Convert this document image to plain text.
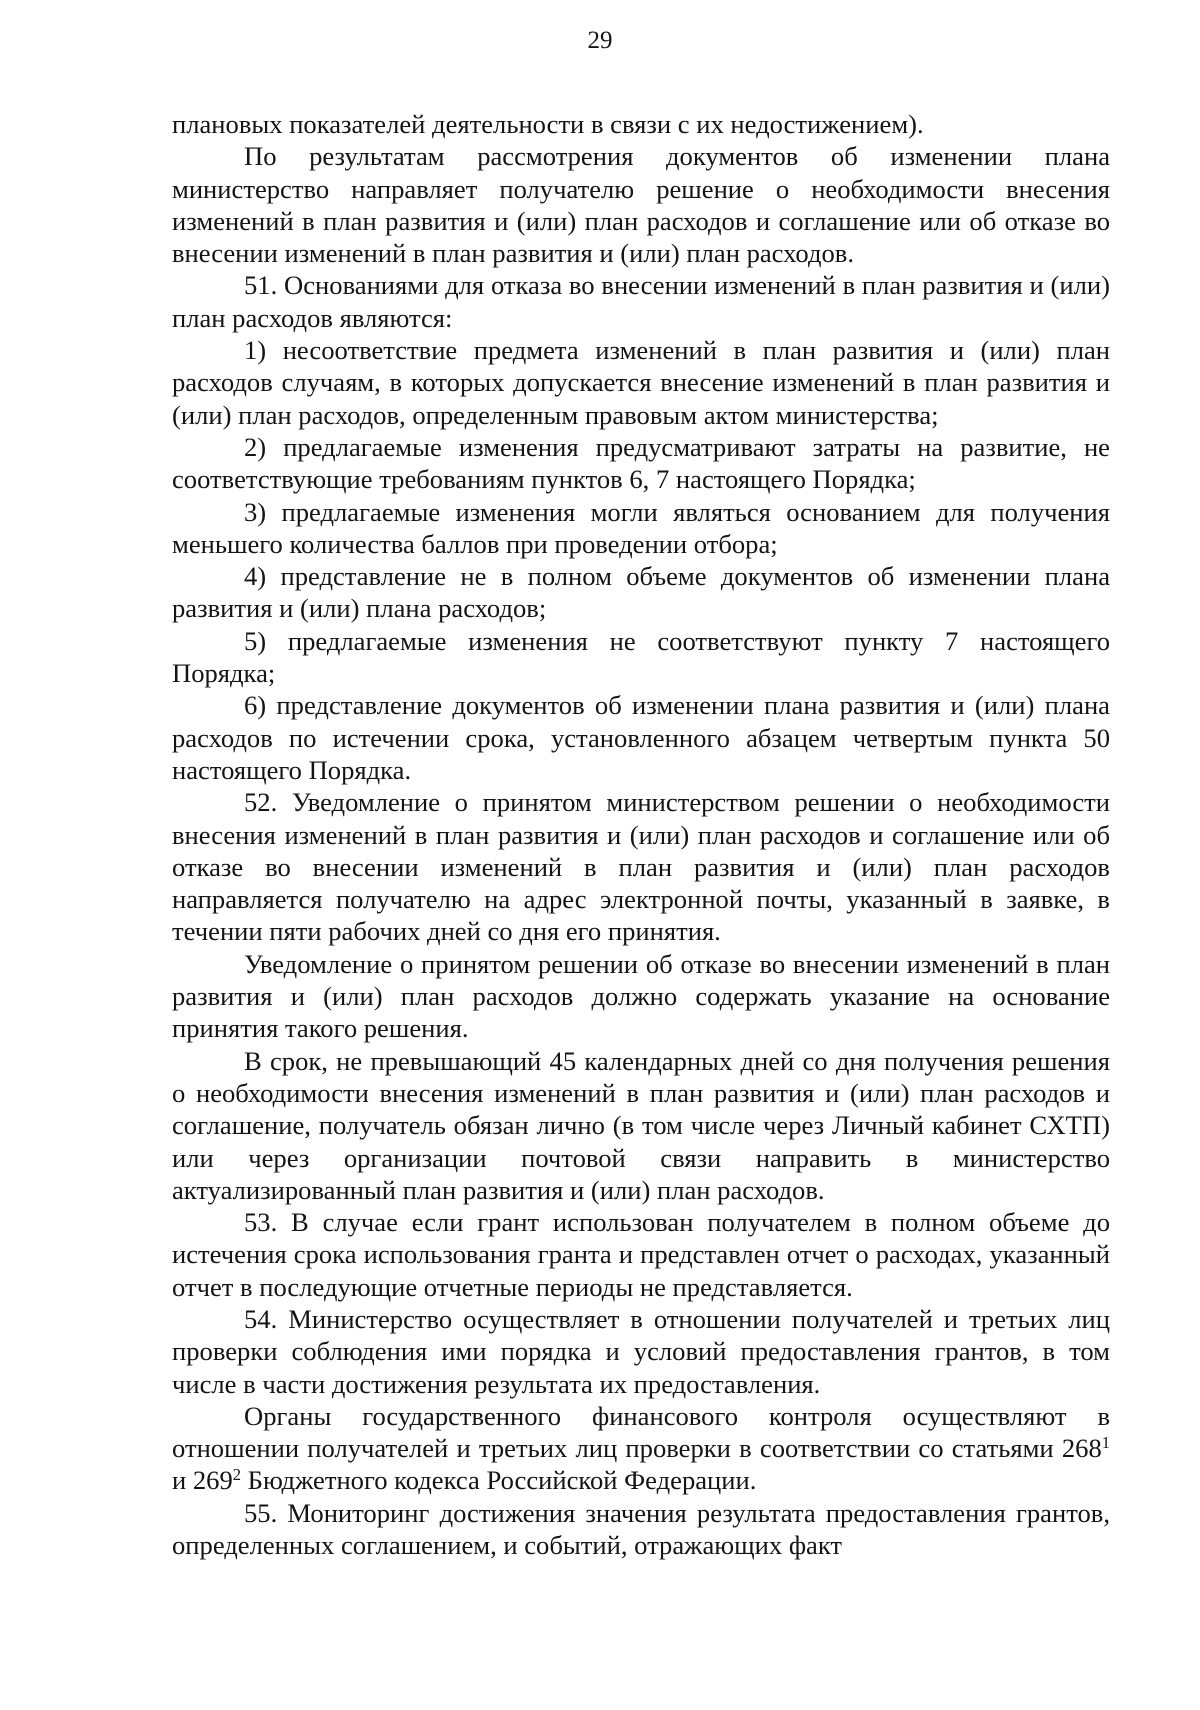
29

плановых показателей деятельности в связи с их недостижением).

По результатам рассмотрения документов об изменении плана министерство направляет получателю решение о необходимости внесения изменений в план развития и (или) план расходов и соглашение или об отказе во внесении изменений в план развития и (или) план расходов.

51. Основаниями для отказа во внесении изменений в план развития и (или) план расходов являются:

1) несоответствие предмета изменений в план развития и (или) план расходов случаям, в которых допускается внесение изменений в план развития и (или) план расходов, определенным правовым актом министерства;

2) предлагаемые изменения предусматривают затраты на развитие, не соответствующие требованиям пунктов 6, 7 настоящего Порядка;

3) предлагаемые изменения могли являться основанием для получения меньшего количества баллов при проведении отбора;

4) представление не в полном объеме документов об изменении плана развития и (или) плана расходов;

5) предлагаемые изменения не соответствуют пункту 7 настоящего Порядка;

6) представление документов об изменении плана развития и (или) плана расходов по истечении срока, установленного абзацем четвертым пункта 50 настоящего Порядка.

52. Уведомление о принятом министерством решении о необходимости внесения изменений в план развития и (или) план расходов и соглашение или об отказе во внесении изменений в план развития и (или) план расходов направляется получателю на адрес электронной почты, указанный в заявке, в течении пяти рабочих дней со дня его принятия.

Уведомление о принятом решении об отказе во внесении изменений в план развития и (или) план расходов должно содержать указание на основание принятия такого решения.

В срок, не превышающий 45 календарных дней со дня получения решения о необходимости внесения изменений в план развития и (или) план расходов и соглашение, получатель обязан лично (в том числе через Личный кабинет СХТП) или через организации почтовой связи направить в министерство актуализированный план развития и (или) план расходов.

53. В случае если грант использован получателем в полном объеме до истечения срока использования гранта и представлен отчет о расходах, указанный отчет в последующие отчетные периоды не представляется.

54. Министерство осуществляет в отношении получателей и третьих лиц проверки соблюдения ими порядка и условий предоставления грантов, в том числе в части достижения результата их предоставления.

Органы государственного финансового контроля осуществляют в отношении получателей и третьих лиц проверки в соответствии со статьями $268^1$ и $269^2$ Бюджетного кодекса Российской Федерации.

55. Мониторинг достижения значения результата предоставления грантов, определенных соглашением, и событий, отражающих факт
